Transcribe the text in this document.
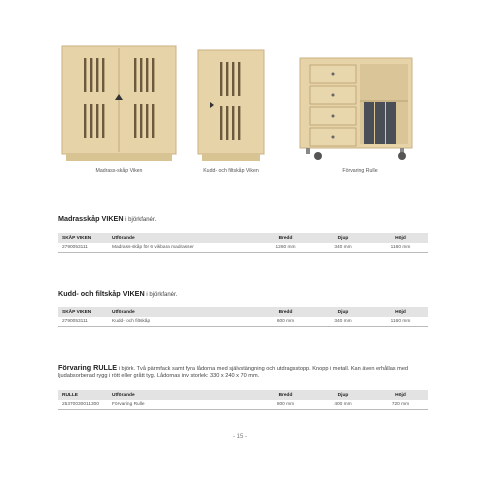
Madrass-skåp Viken	Kudd- och filtskåp Viken	Förvaring Rulle
Madrasskåp VIKEN i björkfanér.
SKÅP VIKEN	Utförande	Bredd	Djup	Höjd
2790053111	Madrass-skåp för 6 vikbara madrasser	1260 mm	340 mm	1160 mm
Kudd- och filtskåp VIKEN i björkfanér.
SKÅP VIKEN	Utförande	Bredd	Djup	Höjd
2790053111	Kudd- och filtskåp	600 mm	340 mm	1160 mm
Förvaring RULLE i björk. Två pärmfack samt fyra lådorna med självstängning och utdragsstopp. Knopp i metall. Kan även erhållas med ljudabsorberad rygg i rött eller grått tyg. Lådornas inv storlek: 330 x 240 x 70 mm.
RULLE	Utförande	Bredd	Djup	Höjd
25370030011300	Förvaring Rulle	800 mm	400 mm	720 mm
- 15 -
